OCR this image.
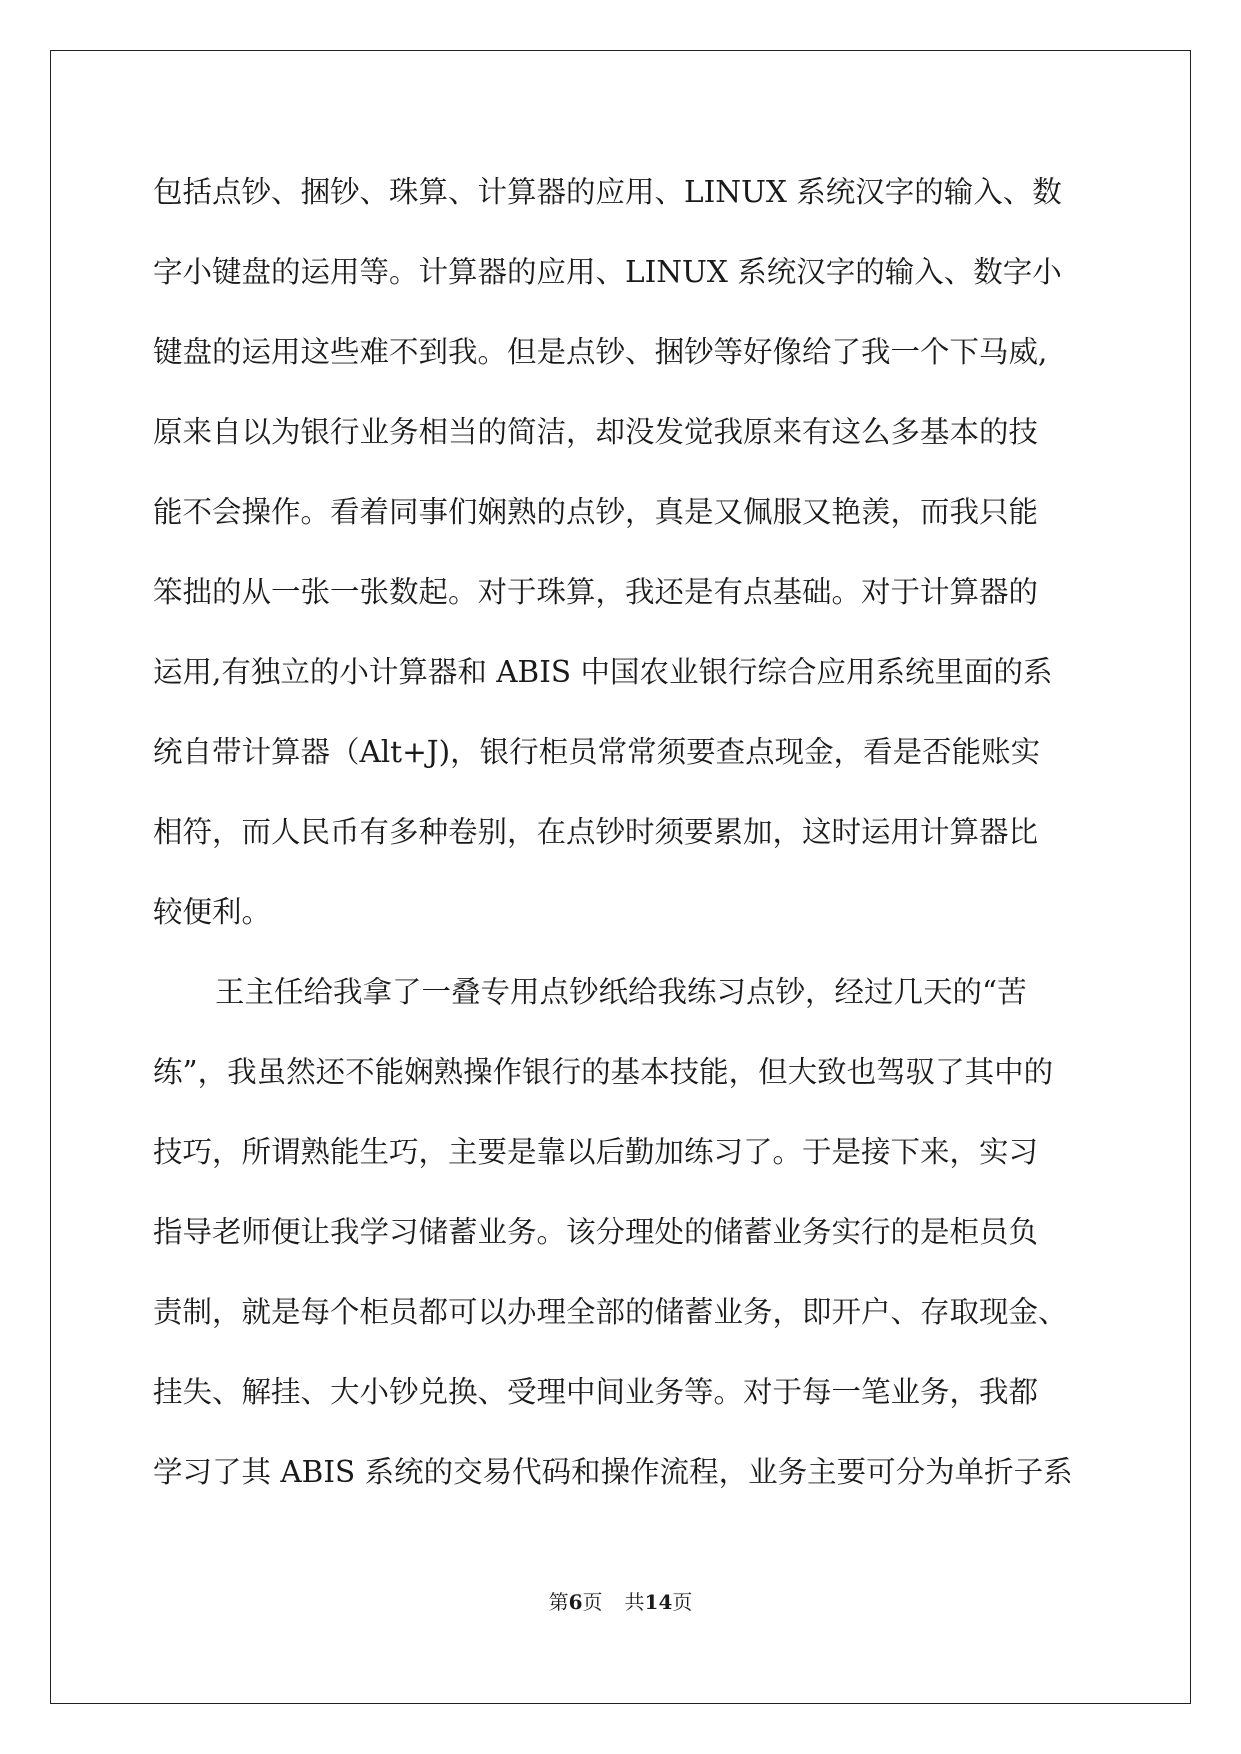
包括点钞、捆钞、珠算、计算器的应用、LINUX 系统汉字的输入、数
字小键盘的运用等。计算器的应用、LINUX 系统汉字的输入、数字小
键盘的运用这些难不到我。但是点钞、捆钞等好像给了我一个下马威,
原来自以为银行业务相当的简洁，却没发觉我原来有这么多基本的技
能不会操作。看着同事们娴熟的点钞，真是又佩服又艳羡，而我只能
笨拙的从一张一张数起。对于珠算，我还是有点基础。对于计算器的
运用,有独立的小计算器和 ABIS 中国农业银行综合应用系统里面的系
统自带计算器（Alt+J)，银行柜员常常须要查点现金，看是否能账实
相符，而人民币有多种卷别，在点钞时须要累加，这时运用计算器比
较便利。
王主任给我拿了一叠专用点钞纸给我练习点钞，经过几天的“苦
练”，我虽然还不能娴熟操作银行的基本技能，但大致也驾驭了其中的
技巧，所谓熟能生巧，主要是靠以后勤加练习了。于是接下来，实习
指导老师便让我学习储蓄业务。该分理处的储蓄业务实行的是柜员负
责制，就是每个柜员都可以办理全部的储蓄业务，即开户、存取现金、
挂失、解挂、大小钞兑换、受理中间业务等。对于每一笔业务，我都
学习了其 ABIS 系统的交易代码和操作流程，业务主要可分为单折子系
第6页 共14页
